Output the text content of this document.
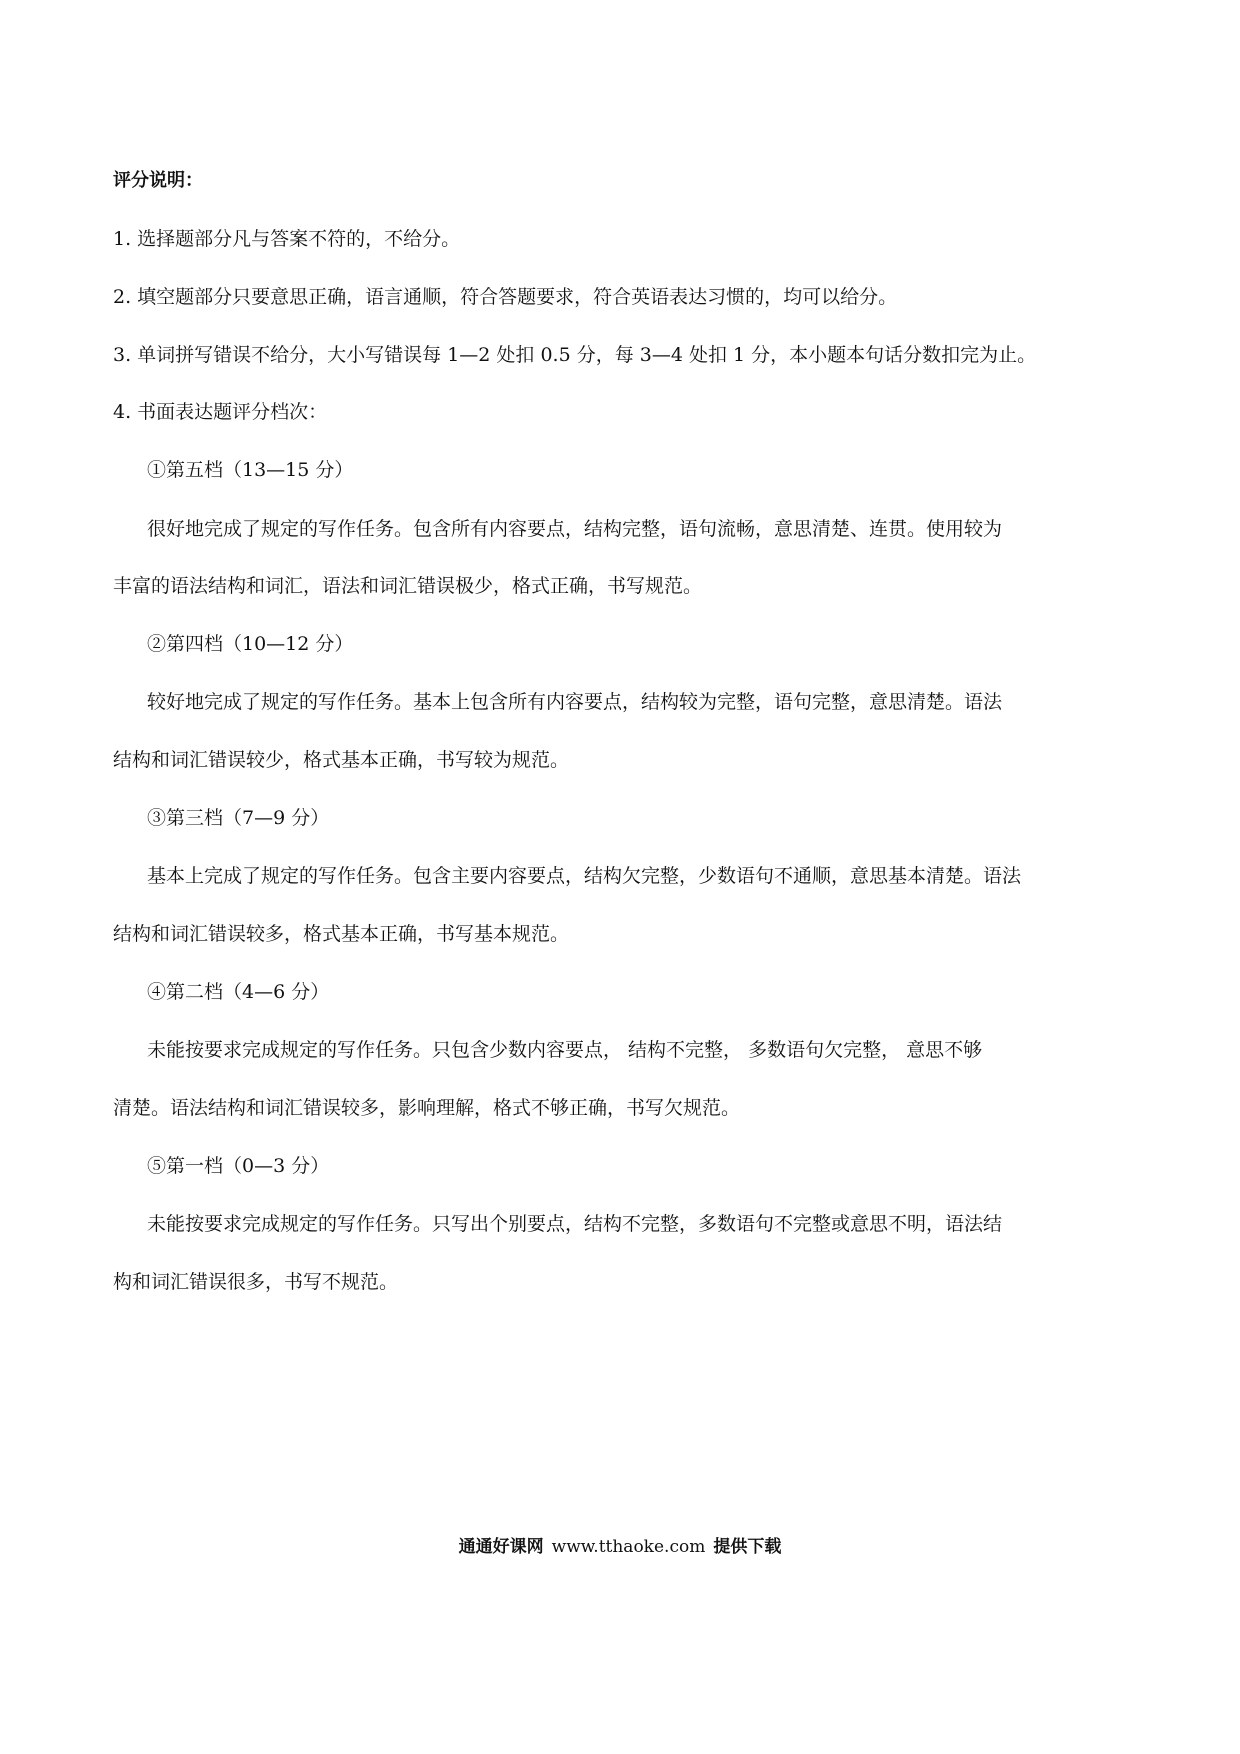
评分说明：
1. 选择题部分凡与答案不符的，不给分。
2. 填空题部分只要意思正确，语言通顺，符合答题要求，符合英语表达习惯的，均可以给分。
3. 单词拼写错误不给分，大小写错误每 1—2 处扣 0.5 分，每 3—4 处扣 1 分，本小题本句话分数扣完为止。
4. 书面表达题评分档次：
①第五档（13—15 分）
很好地完成了规定的写作任务。包含所有内容要点，结构完整，语句流畅，意思清楚、连贯。使用较为
丰富的语法结构和词汇，语法和词汇错误极少，格式正确，书写规范。
②第四档（10—12 分）
较好地完成了规定的写作任务。基本上包含所有内容要点，结构较为完整，语句完整，意思清楚。语法
结构和词汇错误较少，格式基本正确，书写较为规范。
③第三档（7—9 分）
基本上完成了规定的写作任务。包含主要内容要点，结构欠完整，少数语句不通顺，意思基本清楚。语法
结构和词汇错误较多，格式基本正确，书写基本规范。
④第二档（4—6 分）
未能按要求完成规定的写作任务。只包含少数内容要点， 结构不完整， 多数语句欠完整， 意思不够
清楚。语法结构和词汇错误较多，影响理解，格式不够正确，书写欠规范。
⑤第一档（0—3 分）
未能按要求完成规定的写作任务。只写出个别要点，结构不完整，多数语句不完整或意思不明，语法结
构和词汇错误很多，书写不规范。
通通好课网 www.tthaoke.com 提供下载
